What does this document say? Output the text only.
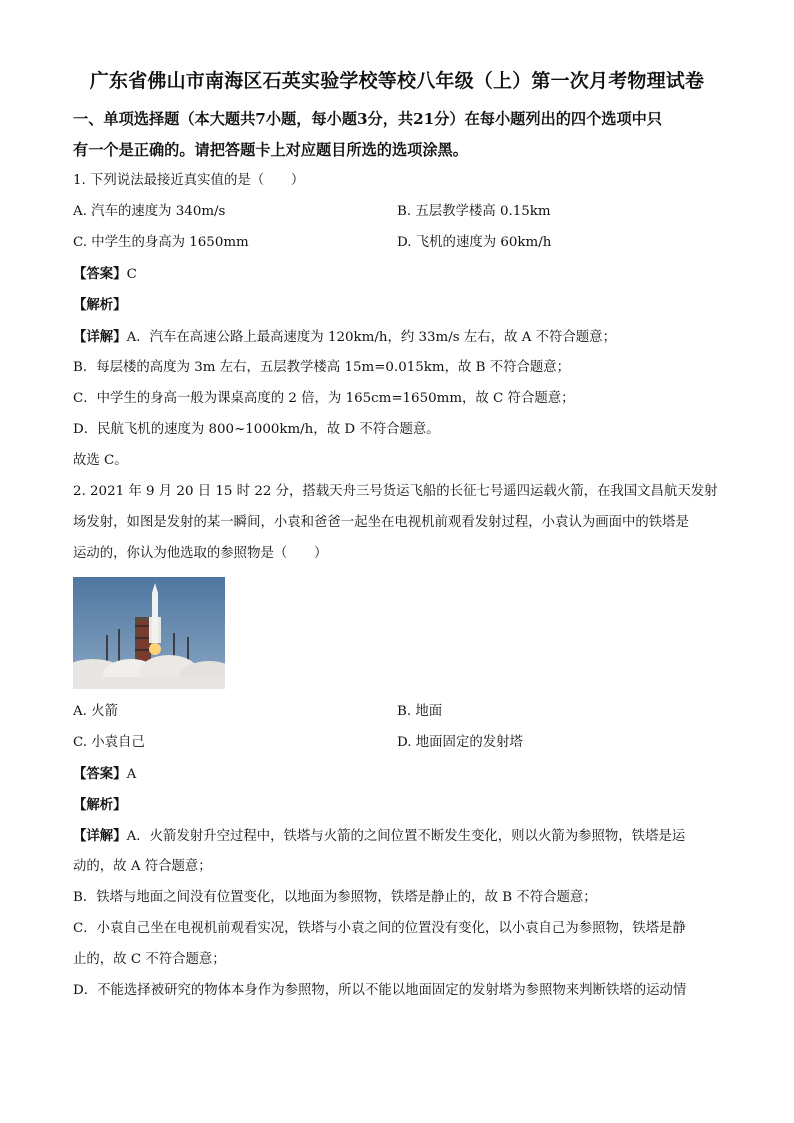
广东省佛山市南海区石英实验学校等校八年级（上）第一次月考物理试卷
一、单项选择题（本大题共7小题，每小题3分，共21分）在每小题列出的四个选项中只
有一个是正确的。请把答题卡上对应题目所选的选项涂黑。
1. 下列说法最接近真实值的是（　　）
A. 汽车的速度为 340m/s	B. 五层教学楼高 0.15km
C. 中学生的身高为 1650mm	D. 飞机的速度为 60km/h
【答案】C
【解析】
【详解】A．汽车在高速公路上最高速度为 120km/h，约 33m/s 左右，故 A 不符合题意；
B．每层楼的高度为 3m 左右，五层教学楼高 15m=0.015km，故 B 不符合题意；
C．中学生的身高一般为课桌高度的 2 倍，为 165cm=1650mm，故 C 符合题意；
D．民航飞机的速度为 800~1000km/h，故 D 不符合题意。
故选 C。
2. 2021 年 9 月 20 日 15 时 22 分，搭载天舟三号货运飞船的长征七号遥四运载火箭，在我国文昌航天发射
场发射，如图是发射的某一瞬间，小袁和爸爸一起坐在电视机前观看发射过程，小袁认为画面中的铁塔是
运动的，你认为他选取的参照物是（　　）
A. 火箭	B. 地面
C. 小袁自己	D. 地面固定的发射塔
【答案】A
【解析】
【详解】A．火箭发射升空过程中，铁塔与火箭的之间位置不断发生变化，则以火箭为参照物，铁塔是运
动的，故 A 符合题意；
B．铁塔与地面之间没有位置变化，以地面为参照物，铁塔是静止的，故 B 不符合题意；
C．小袁自己坐在电视机前观看实况，铁塔与小袁之间的位置没有变化，以小袁自己为参照物，铁塔是静
止的，故 C 不符合题意；
D．不能选择被研究的物体本身作为参照物，所以不能以地面固定的发射塔为参照物来判断铁塔的运动情
